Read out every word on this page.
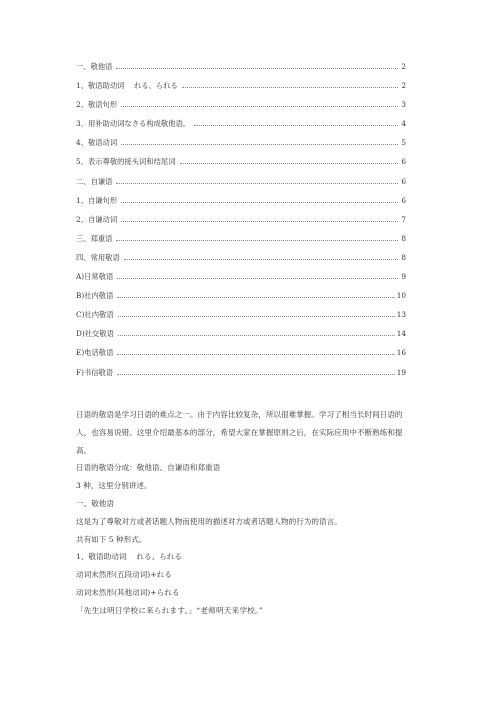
一、敬他语	2
1、敬语助动词　 れる、られる	2
2、敬语句形	3
3、用补助动词なさる构成敬他语。	4
4、敬语动词	5
5、表示尊敬的接头词和结尾词	6
二、自谦语	6
1、自谦句形	6
2、自谦动词	7
三、郑重语	8
四、常用敬语	8
A)日常敬语	9
B)社内敬语	10
C)社内敬语	13
D)社交敬语	14
E)电话敬语	16
F)书信敬语	19

日语的敬语是学习日语的难点之一。由于内容比较复杂，所以很难掌握。学习了相当长时间日语的人，也容易说错。这里介绍最基本的部分，希望大家在掌握原则之后，在实际应用中不断熟练和提高。

日语的敬语分成：敬他语、自谦语和郑重语

3 种，这里分别讲述。

一、敬他语

这是为了尊敬对方或者话题人物而使用的描述对方或者话题人物的行为的语言。

共有如下 5 种形式。

1、敬语助动词　 れる、られる

动词未然形(五段动词)+れる

动词未然形(其他动词)+られる

「先生は明日学校に来られます。」“老师明天来学校。”
